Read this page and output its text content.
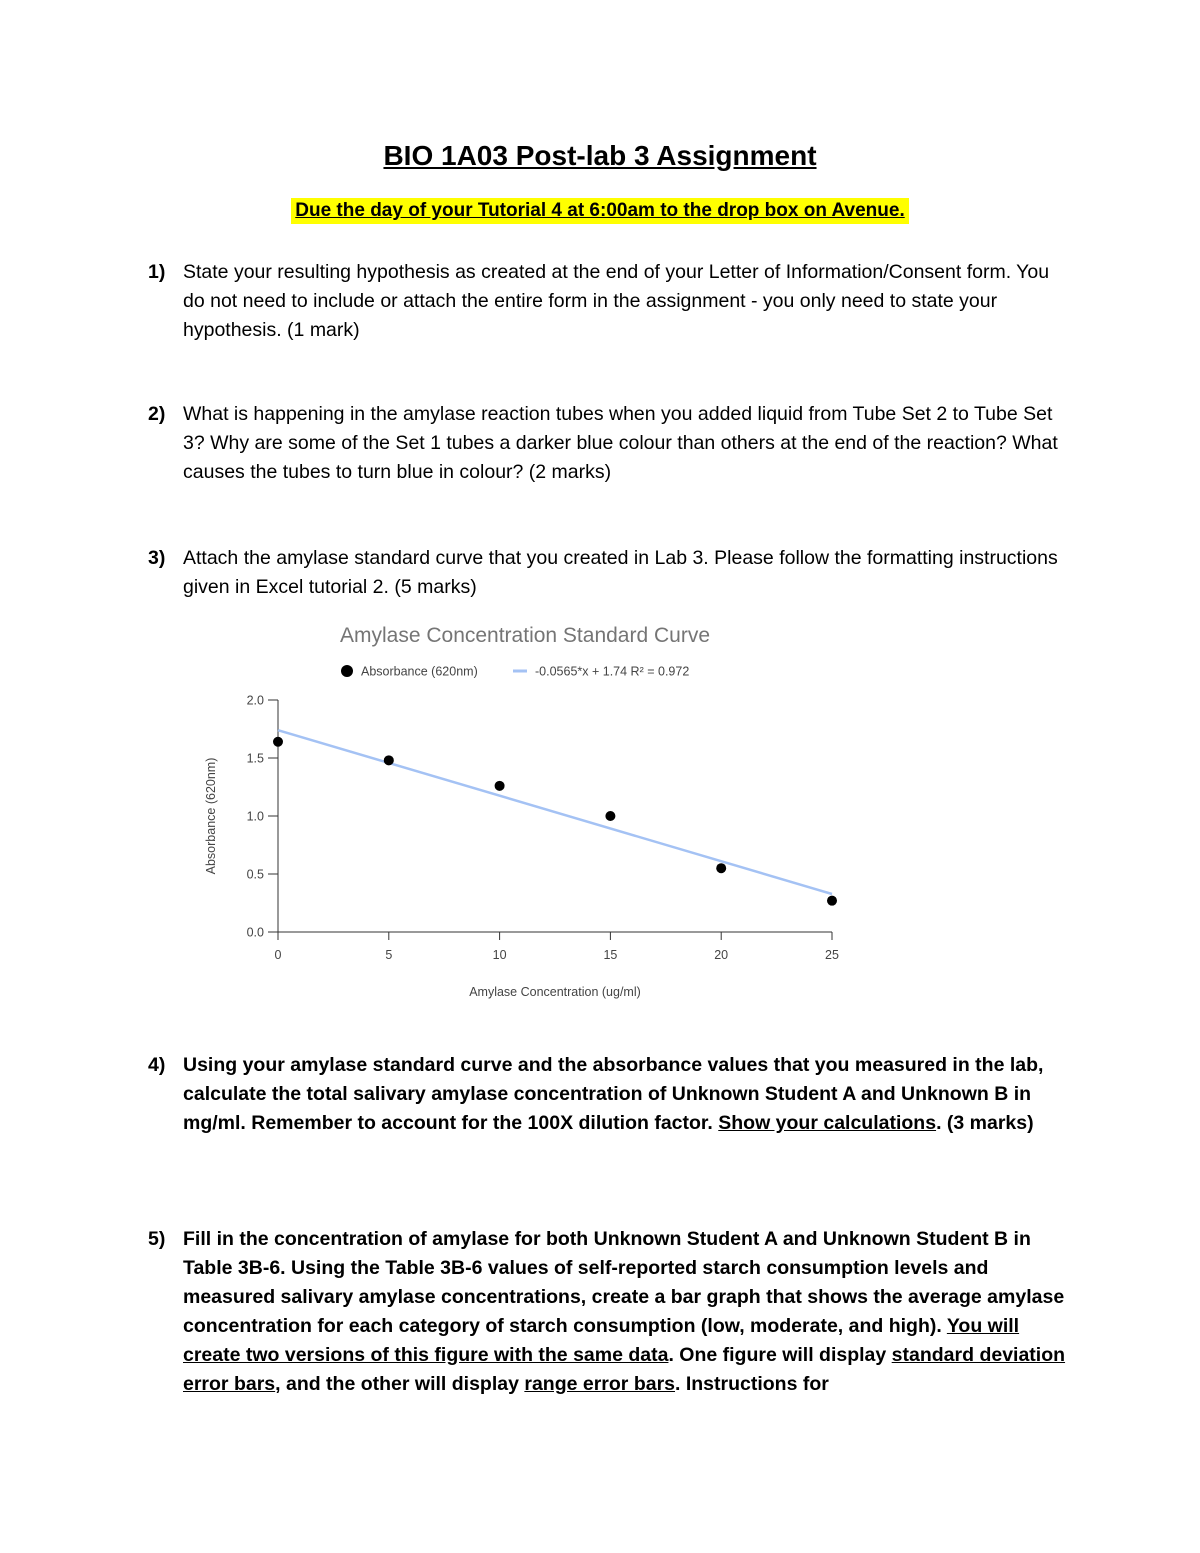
BIO 1A03 Post-lab 3 Assignment
Due the day of your Tutorial 4 at 6:00am to the drop box on Avenue.
1) State your resulting hypothesis as created at the end of your Letter of Information/Consent form. You do not need to include or attach the entire form in the assignment - you only need to state your hypothesis. (1 mark)
2) What is happening in the amylase reaction tubes when you added liquid from Tube Set 2 to Tube Set 3? Why are some of the Set 1 tubes a darker blue colour than others at the end of the reaction? What causes the tubes to turn blue in colour? (2 marks)
3) Attach the amylase standard curve that you created in Lab 3. Please follow the formatting instructions given in Excel tutorial 2. (5 marks)
Amylase Concentration Standard Curve
Absorbance (620nm)	-0.0565*x + 1.74 R² = 0.972
0.0
0.5
1.0
1.5
2.0
0	5	10	15	20	25
Absorbance (620nm)
Amylase Concentration (ug/ml)
4) Using your amylase standard curve and the absorbance values that you measured in the lab, calculate the total salivary amylase concentration of Unknown Student A and Unknown B in mg/ml. Remember to account for the 100X dilution factor. Show your calculations. (3 marks)
5) Fill in the concentration of amylase for both Unknown Student A and Unknown Student B in Table 3B-6. Using the Table 3B-6 values of self-reported starch consumption levels and measured salivary amylase concentrations, create a bar graph that shows the average amylase concentration for each category of starch consumption (low, moderate, and high). You will create two versions of this figure with the same data. One figure will display standard deviation error bars, and the other will display range error bars. Instructions for
